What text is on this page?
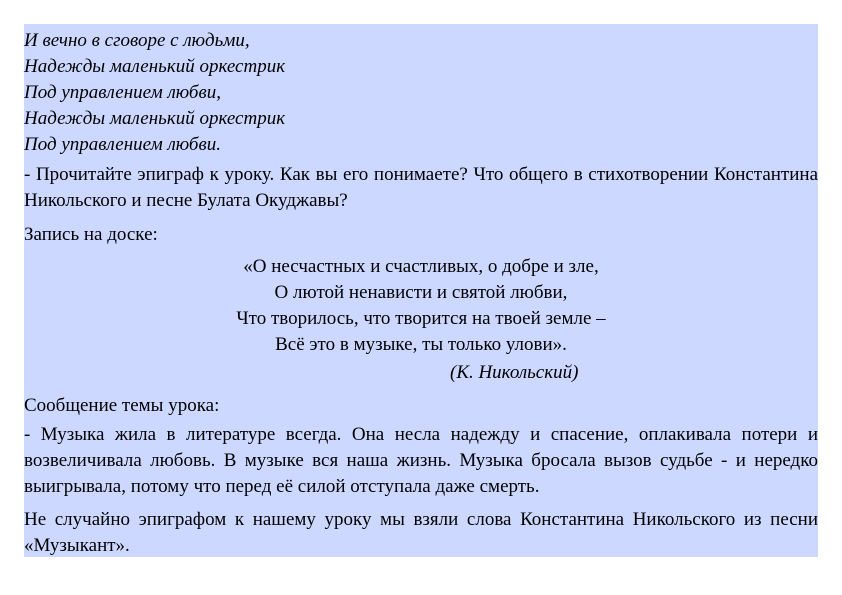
И вечно в сговоре с людьми,
Надежды маленький оркестрик
Под управлением любви,
Надежды маленький оркестрик
Под управлением любви.

- Прочитайте эпиграф к уроку. Как вы его понимаете? Что общего в стихотворении Константина Никольского и песне Булата Окуджавы?

Запись на доске:

«О несчастных и счастливых, о добре и зле,
О лютой ненависти и святой любви,
Что творилось, что творится на твоей земле –
Всё это в музыке, ты только улови».
(К. Никольский)

Сообщение темы урока:

- Музыка жила в литературе всегда. Она несла надежду и спасение, оплакивала потери и возвеличивала любовь. В музыке вся наша жизнь. Музыка бросала вызов судьбе - и нередко выигрывала, потому что перед её силой отступала даже смерть.

Не случайно эпиграфом к нашему уроку мы взяли слова Константина Никольского из песни «Музыкант».
